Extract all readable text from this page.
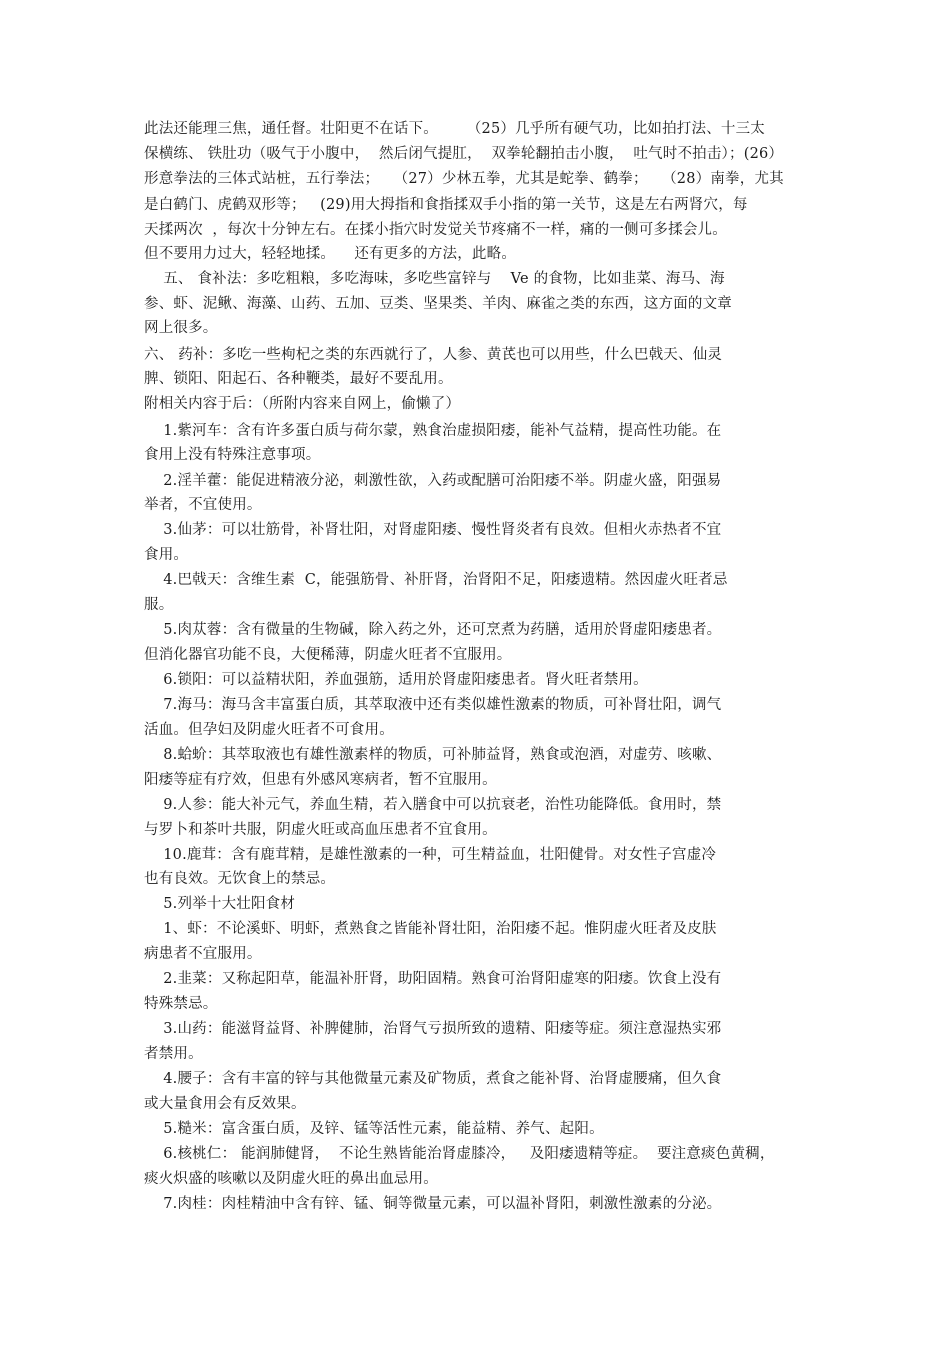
此法还能理三焦，通任督。壮阳更不在话下。      （25）几乎所有硬气功，比如拍打法、十三太
保横练、 铁肚功（吸气于小腹中，  然后闭气提肛，  双拳轮翻拍击小腹，  吐气时不拍击）；(26）
形意拳法的三体式站桩，五行拳法；   （27）少林五拳，尤其是蛇拳、鹤拳；   （28）南拳，尤其
是白鹤门、虎鹤双形等；   (29)用大拇指和食指揉双手小指的第一关节，这是左右两肾穴，每
天揉两次  ，每次十分钟左右。在揉小指穴时发觉关节疼痛不一样，痛的一侧可多揉会儿。
但不要用力过大，轻轻地揉。    还有更多的方法，此略。
五、 食补法：多吃粗粮，多吃海味，多吃些富锌与    Ve 的食物，比如韭菜、海马、海
参、虾、泥鳅、海藻、山药、五加、豆类、坚果类、羊肉、麻雀之类的东西，这方面的文章
网上很多。
六、 药补：多吃一些枸杞之类的东西就行了，人参、黄芪也可以用些，什么巴戟天、仙灵
脾、锁阳、阳起石、各种鞭类，最好不要乱用。
附相关内容于后：（所附内容来自网上，偷懒了）
1.紫河车：含有许多蛋白质与荷尔蒙，熟食治虚损阳痿，能补气益精，提高性功能。在
食用上没有特殊注意事项。
2.淫羊藿：能促进精液分泌，刺激性欲，入药或配膳可治阳痿不举。阴虚火盛，阳强易
举者，不宜使用。
3.仙茅：可以壮筋骨，补肾壮阳，对肾虚阳痿、慢性肾炎者有良效。但相火赤热者不宜
食用。
4.巴戟天：含维生素  C，能强筋骨、补肝肾，治肾阳不足，阳痿遗精。然因虚火旺者忌
服。
5.肉苁蓉：含有微量的生物碱，除入药之外，还可烹煮为药膳，适用於肾虚阳痿患者。
但消化器官功能不良，大便稀薄，阴虚火旺者不宜服用。
6.锁阳：可以益精状阳，养血强筋，适用於肾虚阳痿患者。肾火旺者禁用。
7.海马：海马含丰富蛋白质，其萃取液中还有类似雄性激素的物质，可补肾壮阳，调气
活血。但孕妇及阴虚火旺者不可食用。
8.蛤蚧：其萃取液也有雄性激素样的物质，可补肺益肾，熟食或泡酒，对虚劳、咳嗽、
阳痿等症有疗效，但患有外感风寒病者，暂不宜服用。
9.人参：能大补元气，养血生精，若入膳食中可以抗衰老，治性功能降低。食用时，禁
与罗卜和茶叶共服，阴虚火旺或高血压患者不宜食用。
10.鹿茸：含有鹿茸精，是雄性激素的一种，可生精益血，壮阳健骨。对女性子宫虚冷
也有良效。无饮食上的禁忌。
5.列举十大壮阳食材
1、虾：不论溪虾、明虾，煮熟食之皆能补肾壮阳，治阳痿不起。惟阴虚火旺者及皮肤
病患者不宜服用。
2.韭菜：又称起阳草，能温补肝肾，助阳固精。熟食可治肾阳虚寒的阳痿。饮食上没有
特殊禁忌。
3.山药：能滋肾益肾、补脾健肺，治肾气亏损所致的遗精、阳痿等症。须注意湿热实邪
者禁用。
4.腰子：含有丰富的锌与其他微量元素及矿物质，煮食之能补肾、治肾虚腰痛，但久食
或大量食用会有反效果。
5.糙米：富含蛋白质，及锌、锰等活性元素，能益精、养气、起阳。
6.核桃仁： 能润肺健肾，  不论生熟皆能治肾虚膝冷，   及阳痿遗精等症。  要注意痰色黄稠，
痰火炽盛的咳嗽以及阴虚火旺的鼻出血忌用。
7.肉桂：肉桂精油中含有锌、锰、铜等微量元素，可以温补肾阳，刺激性激素的分泌。
